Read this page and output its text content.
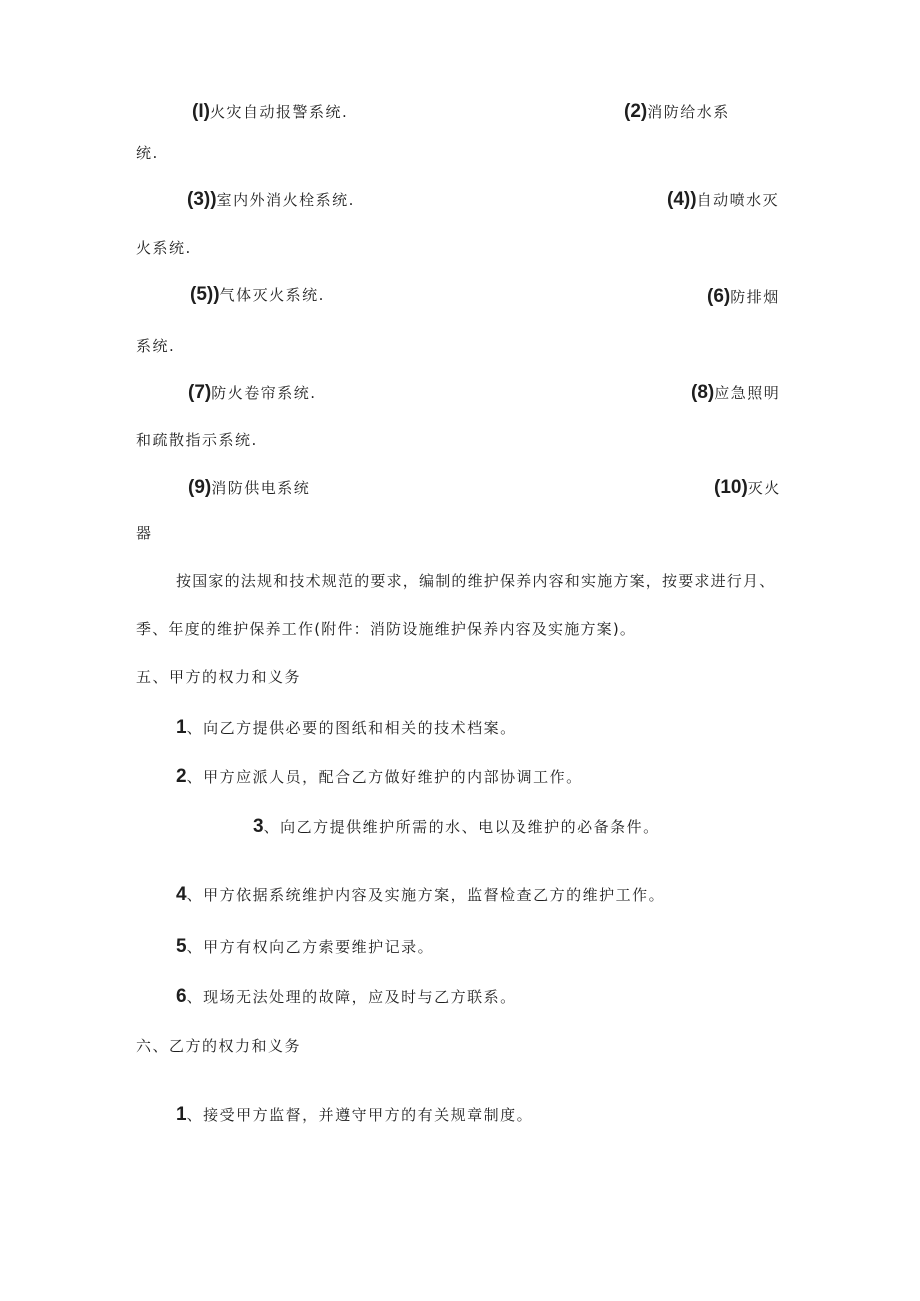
(I)火灾自动报警系统.	(2)消防给水系
统.
(3))室内外消火栓系统.	(4))自动喷水灭
火系统.
(5))气体灭火系统.	(6)防排烟
系统.
(7)防火卷帘系统.	(8)应急照明
和疏散指示系统.
(9)消防供电系统	(10)灭火
器
按国家的法规和技术规范的要求，编制的维护保养内容和实施方案，按要求进行月、
季、年度的维护保养工作(附件：消防设施维护保养内容及实施方案)。
五、甲方的权力和义务
1、向乙方提供必要的图纸和相关的技术档案。
2、甲方应派人员，配合乙方做好维护的内部协调工作。
3、向乙方提供维护所需的水、电以及维护的必备条件。
4、甲方依据系统维护内容及实施方案，监督检查乙方的维护工作。
5、甲方有权向乙方索要维护记录。
6、现场无法处理的故障，应及时与乙方联系。
六、乙方的权力和义务
1、接受甲方监督，并遵守甲方的有关规章制度。
